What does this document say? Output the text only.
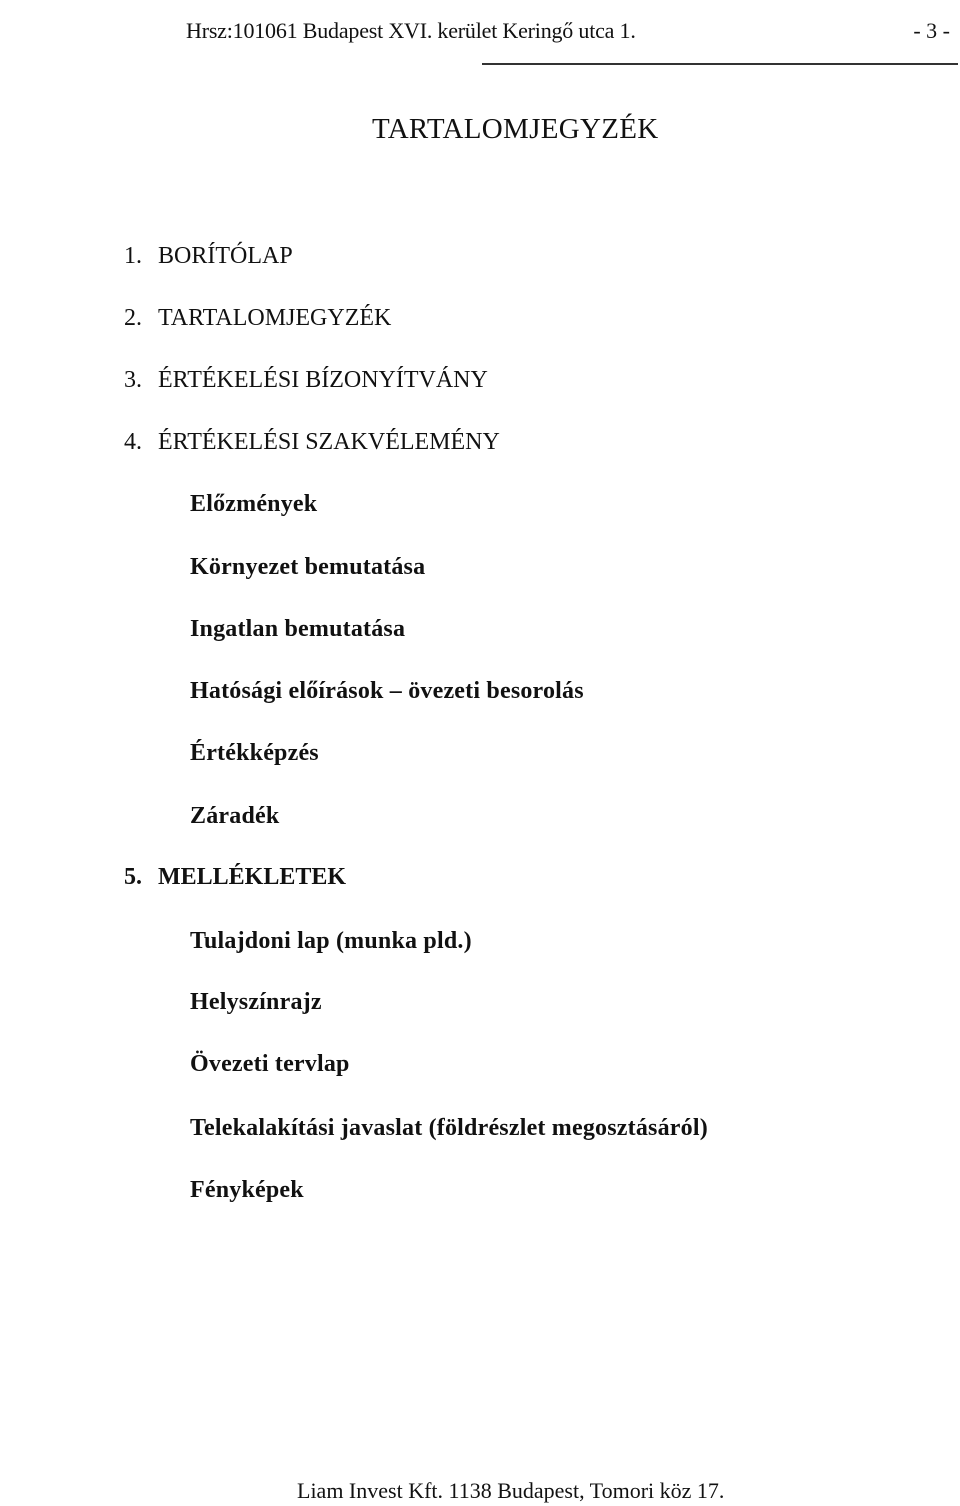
Hrsz:101061 Budapest XVI. kerület Keringő utca 1.	- 3 -
TARTALOMJEGYZÉK
1. BORÍTÓLAP
2. TARTALOMJEGYZÉK
3. ÉRTÉKELÉSI BÍZONYÍTVÁNY
4. ÉRTÉKELÉSI SZAKVÉLEMÉNY
Előzmények
Környezet bemutatása
Ingatlan bemutatása
Hatósági előírások – övezeti besorolás
Értékképzés
Záradék
5. MELLÉKLETEK
Tulajdoni lap (munka pld.)
Helyszínrajz
Övezeti tervlap
Telekalakítási javaslat (földrészlet megosztásáról)
Fényképek
Liam Invest Kft. 1138 Budapest, Tomori köz 17.
